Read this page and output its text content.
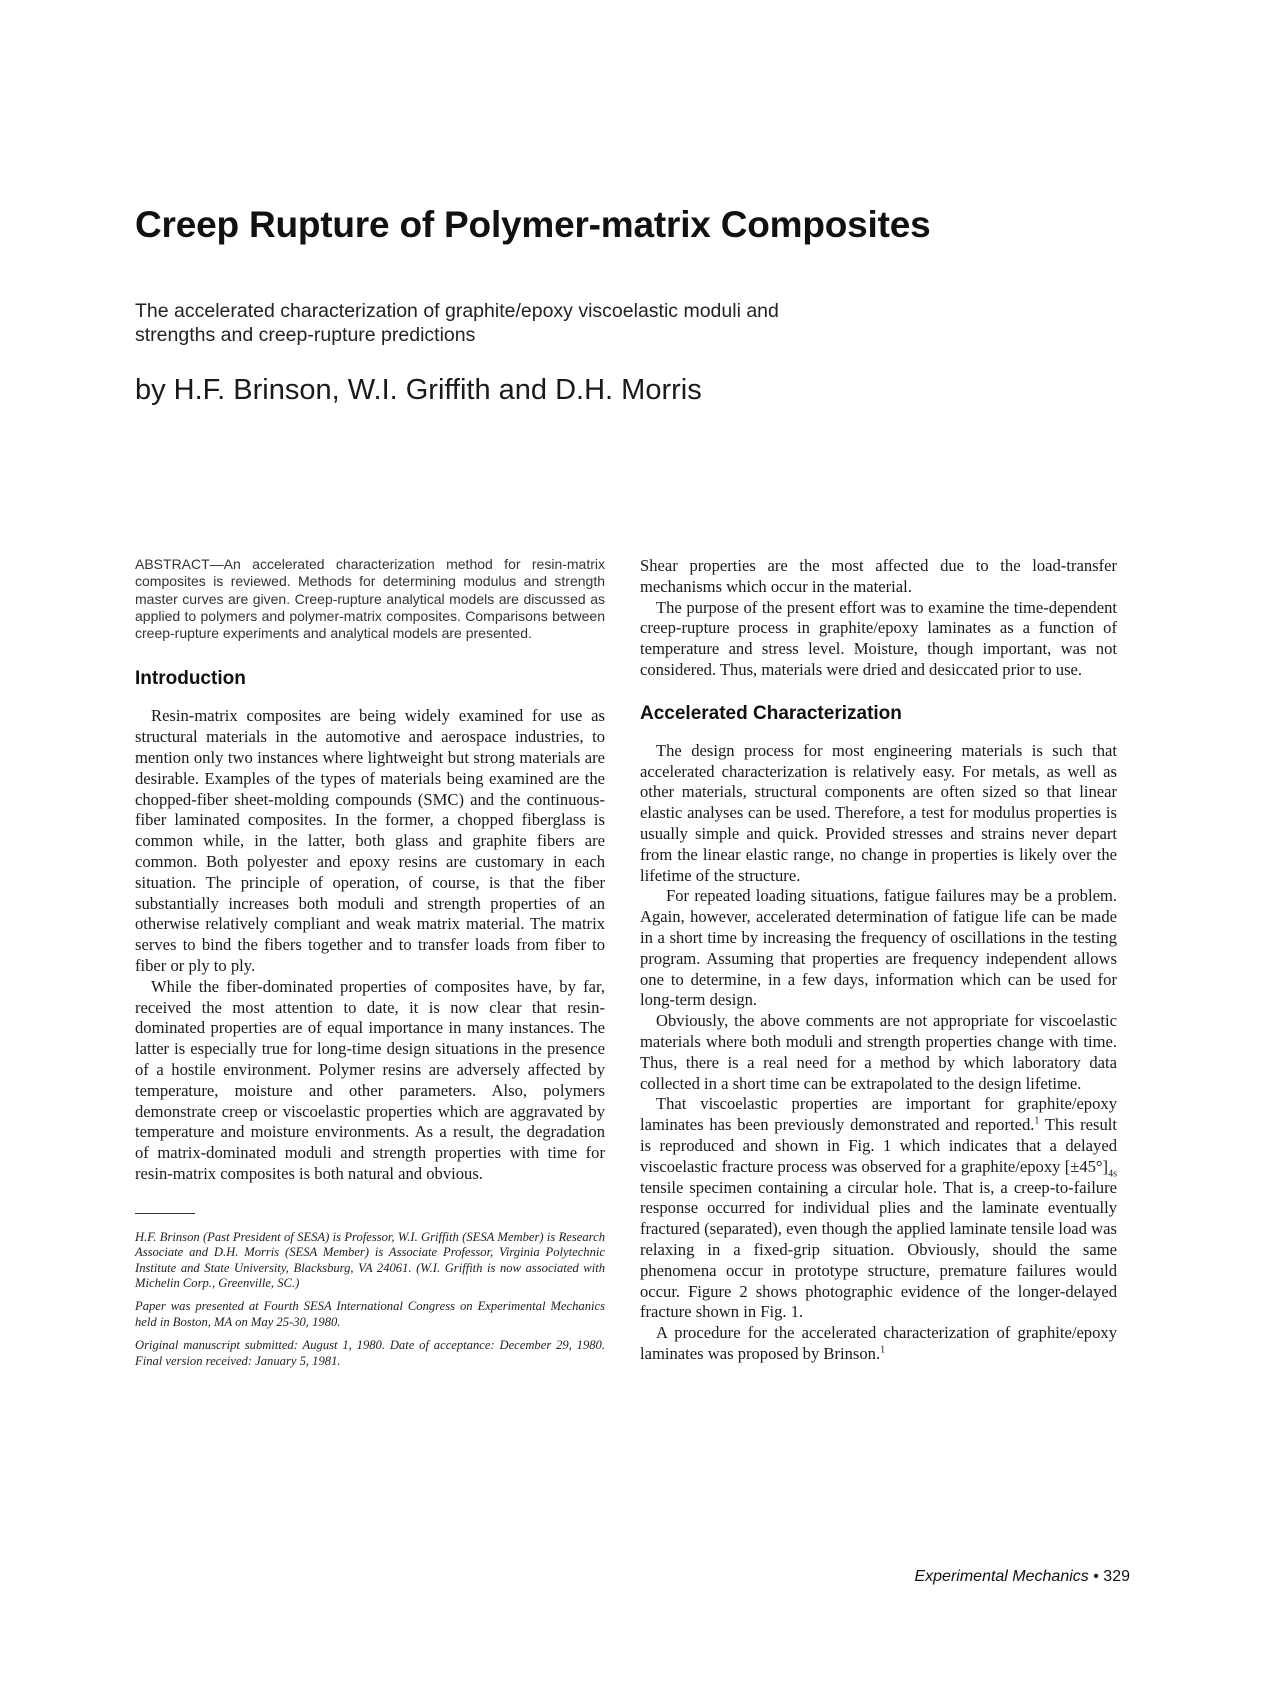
Creep Rupture of Polymer-matrix Composites
The accelerated characterization of graphite/epoxy viscoelastic moduli and strengths and creep-rupture predictions
by H.F. Brinson, W.I. Griffith and D.H. Morris

ABSTRACT—An accelerated characterization method for resin-matrix composites is reviewed. Methods for determining modulus and strength master curves are given. Creep-rupture analytical models are discussed as applied to polymers and polymer-matrix composites. Comparisons between creep-rupture experiments and analytical models are presented.

Introduction

Resin-matrix composites are being widely examined for use as structural materials in the automotive and aerospace industries, to mention only two instances where lightweight but strong materials are desirable. Examples of the types of materials being examined are the chopped-fiber sheet-molding compounds (SMC) and the continuous-fiber laminated composites. In the former, a chopped fiberglass is common while, in the latter, both glass and graphite fibers are common. Both polyester and epoxy resins are customary in each situation. The principle of operation, of course, is that the fiber substantially increases both moduli and strength properties of an otherwise relatively compliant and weak matrix material. The matrix serves to bind the fibers together and to transfer loads from fiber to fiber or ply to ply.

While the fiber-dominated properties of composites have, by far, received the most attention to date, it is now clear that resin-dominated properties are of equal importance in many instances. The latter is especially true for long-time design situations in the presence of a hostile environment. Polymer resins are adversely affected by temperature, moisture and other parameters. Also, polymers demonstrate creep or viscoelastic properties which are aggravated by temperature and moisture environments. As a result, the degradation of matrix-dominated moduli and strength properties with time for resin-matrix composites is both natural and obvious.

H.F. Brinson (Past President of SESA) is Professor, W.I. Griffith (SESA Member) is Research Associate and D.H. Morris (SESA Member) is Associate Professor, Virginia Polytechnic Institute and State University, Blacksburg, VA 24061. (W.I. Griffith is now associated with Michelin Corp., Greenville, SC.)

Paper was presented at Fourth SESA International Congress on Experimental Mechanics held in Boston, MA on May 25-30, 1980.

Original manuscript submitted: August 1, 1980. Date of acceptance: December 29, 1980. Final version received: January 5, 1981.

Shear properties are the most affected due to the load-transfer mechanisms which occur in the material.

The purpose of the present effort was to examine the time-dependent creep-rupture process in graphite/epoxy laminates as a function of temperature and stress level. Moisture, though important, was not considered. Thus, materials were dried and desiccated prior to use.

Accelerated Characterization

The design process for most engineering materials is such that accelerated characterization is relatively easy. For metals, as well as other materials, structural components are often sized so that linear elastic analyses can be used. Therefore, a test for modulus properties is usually simple and quick. Provided stresses and strains never depart from the linear elastic range, no change in properties is likely over the lifetime of the structure.

For repeated loading situations, fatigue failures may be a problem. Again, however, accelerated determination of fatigue life can be made in a short time by increasing the frequency of oscillations in the testing program. Assuming that properties are frequency independent allows one to determine, in a few days, information which can be used for long-term design.

Obviously, the above comments are not appropriate for viscoelastic materials where both moduli and strength properties change with time. Thus, there is a real need for a method by which laboratory data collected in a short time can be extrapolated to the design lifetime.

That viscoelastic properties are important for graphite/epoxy laminates has been previously demonstrated and reported.$^1$ This result is reproduced and shown in Fig. 1 which indicates that a delayed viscoelastic fracture process was observed for a graphite/epoxy $[\pm 45^\circ]_{4s}$ tensile specimen containing a circular hole. That is, a creep-to-failure response occurred for individual plies and the laminate eventually fractured (separated), even though the applied laminate tensile load was relaxing in a fixed-grip situation. Obviously, should the same phenomena occur in prototype structure, premature failures would occur. Figure 2 shows photographic evidence of the longer-delayed fracture shown in Fig. 1.

A procedure for the accelerated characterization of graphite/epoxy laminates was proposed by Brinson.$^1$

Experimental Mechanics • 329
